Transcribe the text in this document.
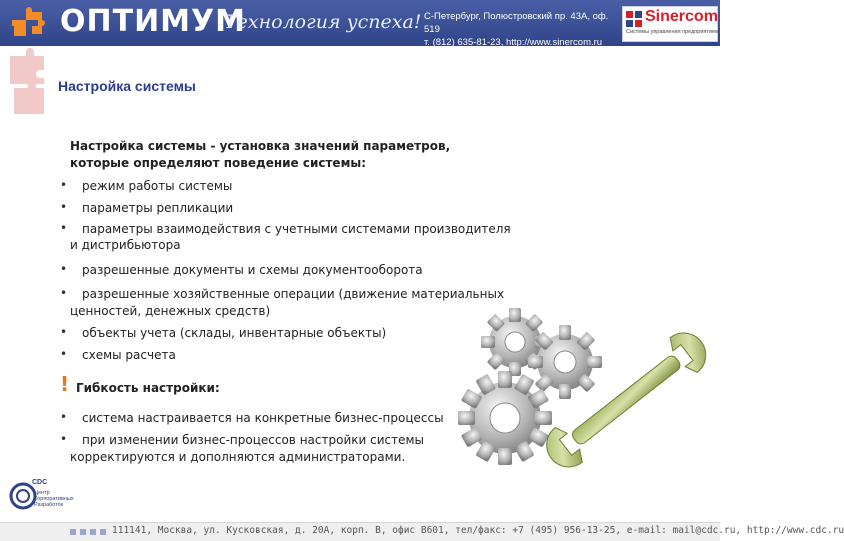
ОПТИМУМ
Технология успеха! С-Петербург, Полюстровский пр. 43А, оф. 519
т. (812) 635-81-23, http://www.sinercom.ru
Sinercom
Системы управления предприятием
Настройка системы
Настройка системы - установка значений параметров,
которые определяют поведение системы:
• режим работы системы
• параметры репликации
• параметры взаимодействия с учетными системами производителя
и дистрибьютора
• разрешенные документы и схемы документооборота
• разрешенные хозяйственные операции (движение материальных
ценностей, денежных средств)
• объекты учета (склады, инвентарные объекты)
• схемы расчета
! Гибкость настройки:
• система настраивается на конкретные бизнес-процессы
• при изменении бизнес-процессов настройки системы
корректируются и дополняются администраторами.
CDC
Центр Корпоративных Разработок
111141, Москва, ул. Кусковская, д. 20А, корп. В, офис В601, тел/факс: +7 (495) 956-13-25, e-mail: mail@cdc.ru, http://www.cdc.ru
